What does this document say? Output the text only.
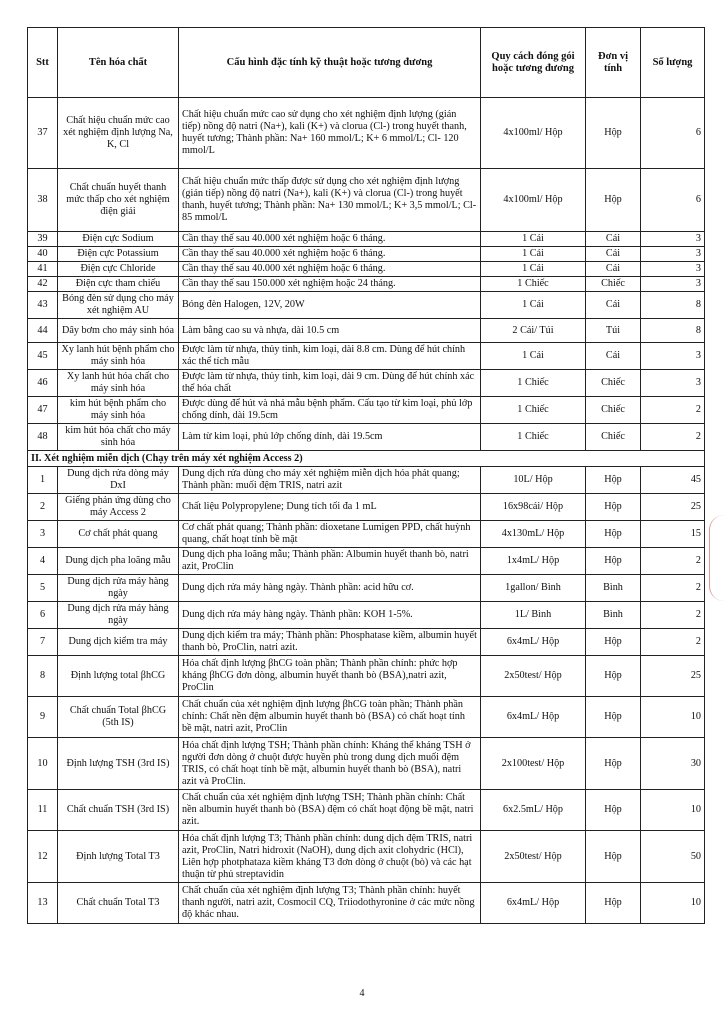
Stt	Tên hóa chất	Cấu hình đặc tính kỹ thuật hoặc tương đương	Quy cách đóng gói hoặc tương đương	Đơn vị tính	Số lượng
37	Chất hiệu chuẩn mức cao xét nghiệm định lượng Na, K, Cl	Chất hiệu chuẩn mức cao sử dụng cho xét nghiệm định lượng (gián tiếp) nồng độ natri (Na+), kali (K+) và clorua (Cl-) trong huyết thanh, huyết tương; Thành phần: Na+ 160 mmol/L; K+ 6 mmol/L; Cl- 120 mmol/L	4x100ml/ Hộp	Hộp	6
38	Chất chuẩn huyết thanh mức thấp cho xét nghiệm điện giải	Chất hiệu chuẩn mức thấp được sử dụng cho xét nghiệm định lượng (gián tiếp) nồng độ natri (Na+), kali (K+) và clorua (Cl-) trong huyết thanh, huyết tương; Thành phần: Na+ 130 mmol/L; K+ 3,5 mmol/L; Cl- 85 mmol/L	4x100ml/ Hộp	Hộp	6
39	Điện cực Sodium	Cần thay thế sau 40.000 xét nghiệm hoặc 6 tháng.	1 Cái	Cái	3
40	Điện cực Potassium	Cần thay thế sau 40.000 xét nghiệm hoặc 6 tháng.	1 Cái	Cái	3
41	Điện cực Chloride	Cần thay thế sau 40.000 xét nghiệm hoặc 6 tháng.	1 Cái	Cái	3
42	Điện cực tham chiếu	Cần thay thế sau 150.000 xét nghiệm hoặc 24 tháng.	1 Chiếc	Chiếc	3
43	Bóng đèn sử dụng cho máy xét nghiệm AU	Bóng đèn Halogen, 12V, 20W	1 Cái	Cái	8
44	Dây bơm cho máy sinh hóa	Làm bằng cao su và nhựa, dài 10.5 cm	2 Cái/ Túi	Túi	8
45	Xy lanh hút bệnh phẩm cho máy sinh hóa	Được làm từ nhựa, thủy tinh, kim loại, dài 8.8 cm. Dùng để hút chính xác thể tích mẫu	1 Cái	Cái	3
46	Xy lanh hút hóa chất cho máy sinh hóa	Được làm từ nhựa, thủy tinh, kim loại, dài 9 cm. Dùng để hút chính xác thể hóa chất	1 Chiếc	Chiếc	3
47	kim hút bệnh phẩm cho máy sinh hóa	Được dùng để hút và nhả mẫu bệnh phẩm. Cấu tạo từ kim loại, phủ lớp chống dính, dài 19.5cm	1 Chiếc	Chiếc	2
48	kim hút hóa chất cho máy sinh hóa	Làm từ kim loại, phủ lớp chống dính, dài 19.5cm	1 Chiếc	Chiếc	2
II. Xét nghiệm miễn dịch (Chạy trên máy xét nghiệm Access 2)					
1	Dung dịch rửa dòng máy DxI	Dung dịch rửa dùng cho máy xét nghiệm miễn dịch hóa phát quang; Thành phần: muối đệm TRIS, natri azit	10L/ Hộp	Hộp	45
2	Giếng phản ứng dùng cho máy Access 2	Chất liệu Polypropylene; Dung tích tối đa 1 mL	16x98cái/ Hộp	Hộp	25
3	Cơ chất phát quang	Cơ chất phát quang; Thành phần: dioxetane Lumigen PPD, chất huỳnh quang, chất hoạt tính bề mặt	4x130mL/ Hộp	Hộp	15
4	Dung dịch pha loãng mẫu	Dung dịch pha loãng mẫu; Thành phần: Albumin huyết thanh bò, natri azit, ProClin	1x4mL/ Hộp	Hộp	2
5	Dung dịch rửa máy hàng ngày	Dung dịch rửa máy hàng ngày. Thành phần: acid hữu cơ.	1gallon/ Bình	Bình	2
6	Dung dịch rửa máy hàng ngày	Dung dịch rửa máy hàng ngày. Thành phần: KOH 1-5%.	1L/ Bình	Bình	2
7	Dung dịch kiểm tra máy	Dung dịch kiểm tra máy; Thành phần: Phosphatase kiềm, albumin huyết thanh bò, ProClin, natri azit.	6x4mL/ Hộp	Hộp	2
8	Định lượng total βhCG	Hóa chất định lượng βhCG toàn phần; Thành phần chính: phức hợp kháng βhCG đơn dòng, albumin huyết thanh bò (BSA),natri azit, ProClin	2x50test/ Hộp	Hộp	25
9	Chất chuẩn Total βhCG (5th IS)	Chất chuẩn của xét nghiệm định lượng βhCG toàn phần; Thành phần chính: Chất nền đệm albumin huyết thanh bò (BSA) có chất hoạt tính bề mặt, natri azit, ProClin	6x4mL/ Hộp	Hộp	10
10	Định lượng TSH (3rd IS)	Hóa chất định lượng TSH; Thành phần chính: Kháng thể kháng TSH ở người đơn dòng ở chuột được huyền phù trong dung dịch muối đệm TRIS, có chất hoạt tính bề mặt, albumin huyết thanh bò (BSA), natri azit và ProClin.	2x100test/ Hộp	Hộp	30
11	Chất chuẩn TSH (3rd IS)	Chất chuẩn của xét nghiệm định lượng TSH; Thành phần chính: Chất nền albumin huyết thanh bò (BSA) đệm có chất hoạt động bề mặt, natri azit.	6x2.5mL/ Hộp	Hộp	10
12	Định lượng Total T3	Hóa chất định lượng T3; Thành phần chính: dung dịch đệm TRIS, natri azit, ProClin, Natri hidroxit (NaOH), dung dịch axit clohydric (HCl), Liên hợp photphataza kiềm kháng T3 đơn dòng ở chuột (bò) và các hạt thuận từ phủ streptavidin	2x50test/ Hộp	Hộp	50
13	Chất chuẩn Total T3	Chất chuẩn của xét nghiệm định lượng T3; Thành phần chính: huyết thanh người, natri azit, Cosmocil CQ, Triiodothyronine ở các mức nồng độ khác nhau.	6x4mL/ Hộp	Hộp	10
4
